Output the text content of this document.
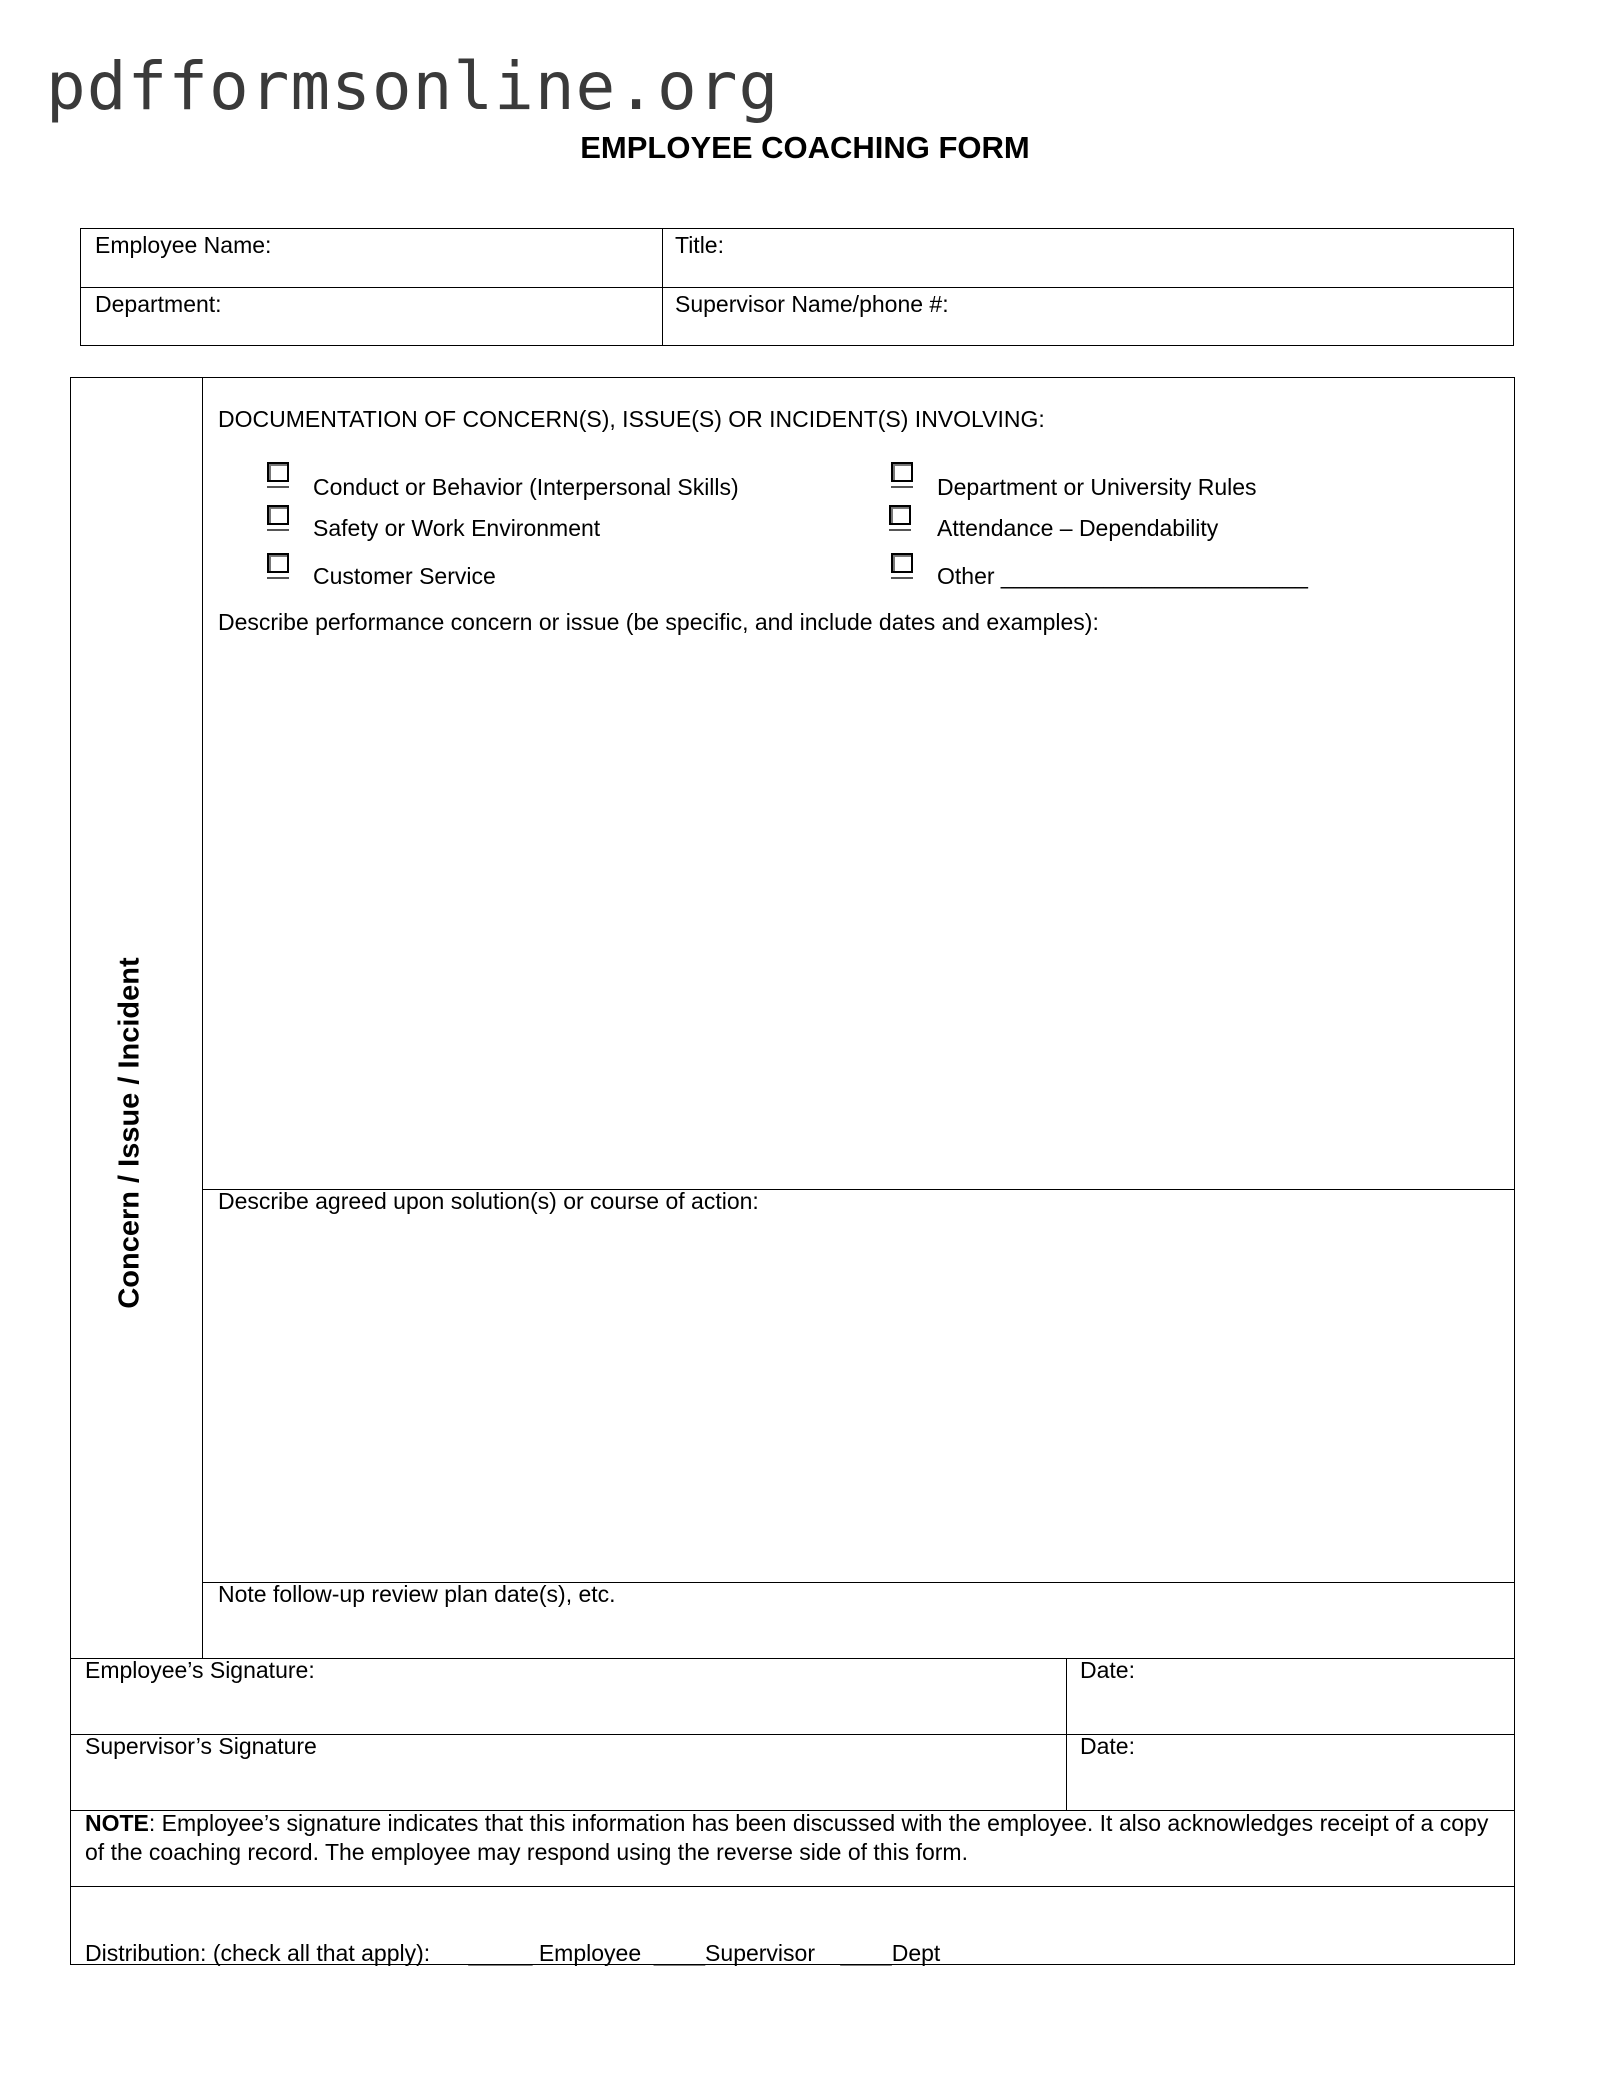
pdfformsonline.org
EMPLOYEE COACHING FORM
Employee Name:	Title:
Department:	Supervisor Name/phone #:
DOCUMENTATION OF CONCERN(S), ISSUE(S) OR INCIDENT(S) INVOLVING:
Conduct or Behavior (Interpersonal Skills)
Safety or Work Environment
Customer Service
Department or University Rules
Attendance – Dependability
Other ________________________
Describe performance concern or issue (be specific, and include dates and examples):
Describe agreed upon solution(s) or course of action:
Note follow-up review plan date(s), etc.
Employee’s Signature:	Date:
Supervisor’s Signature	Date:
NOTE: Employee’s signature indicates that this information has been discussed with the employee. It also acknowledges receipt of a copy of the coaching record. The employee may respond using the reverse side of this form.
Distribution: (check all that apply):      _____ Employee  ____Supervisor    ____Dept
Concern / Issue / Incident
